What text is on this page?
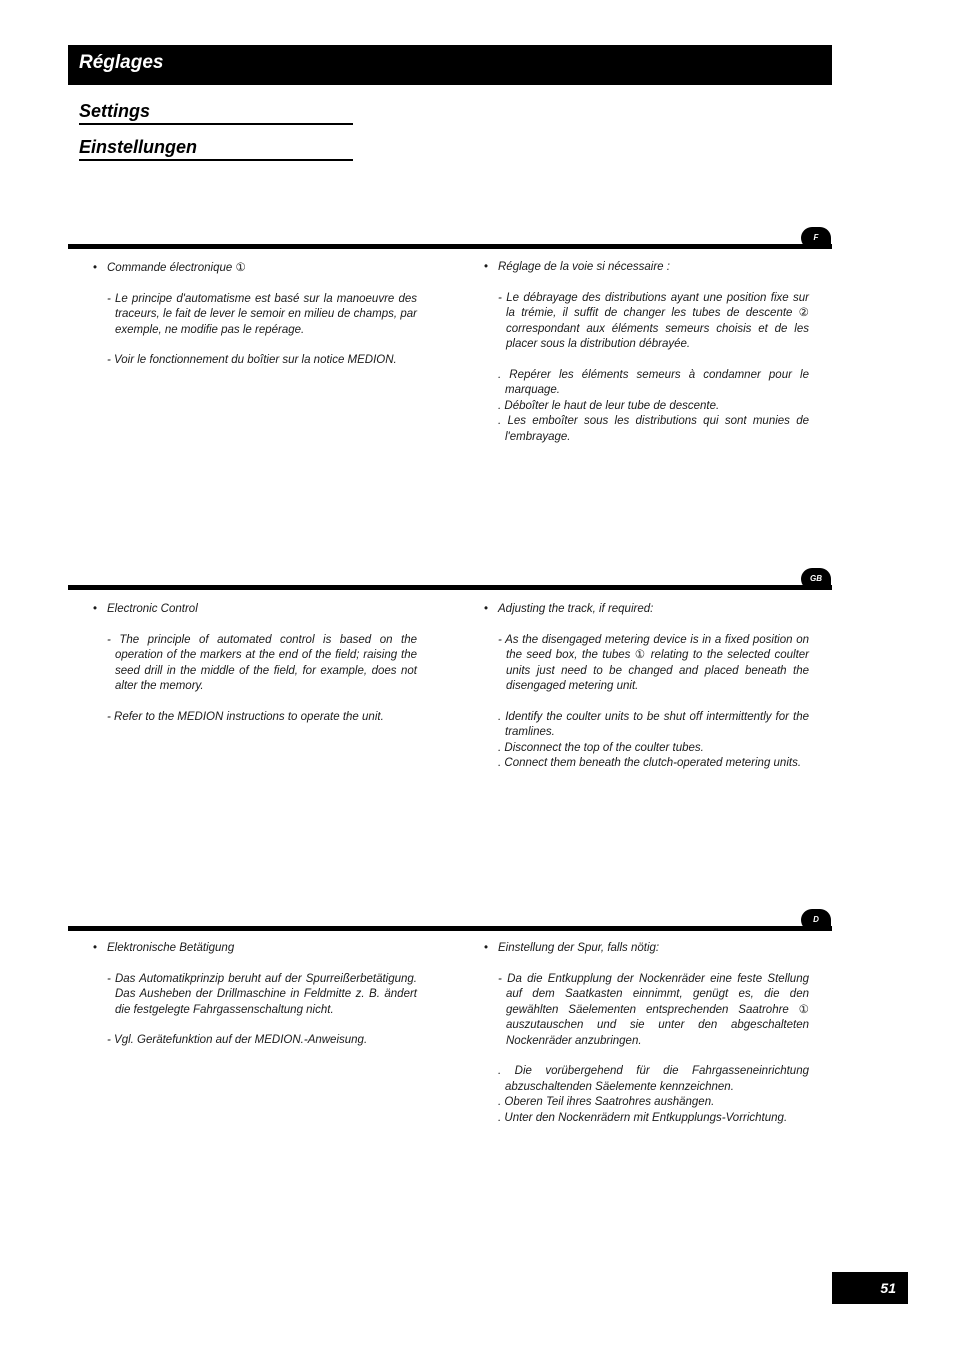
Réglages
Settings
Einstellungen
F

• Commande électronique ①

- Le principe d'automatisme est basé sur la manoeuvre des traceurs, le fait de lever le semoir en milieu de champs, par exemple, ne modifie pas le repérage.

- Voir le fonctionnement du boîtier sur la notice MEDION.

• Réglage de la voie si nécessaire :

- Le débrayage des distributions ayant une position fixe sur la trémie, il suffit de changer les tubes de descente ② correspondant aux éléments semeurs choisis et de les placer sous la distribution débrayée.

. Repérer les éléments semeurs à condamner pour le marquage.

. Déboîter le haut de leur tube de descente.

. Les emboîter sous les distributions qui sont munies de l'embrayage.

GB

• Electronic Control

- The principle of automated control is based on the operation of the markers at the end of the field; raising the seed drill in the middle of the field, for example, does not alter the memory.

- Refer to the MEDION instructions to operate the unit.

• Adjusting the track, if required:

- As the disengaged metering device is in a fixed position on the seed box, the tubes ① relating to the selected coulter units just need to be changed and placed beneath the disengaged metering unit.

. Identify the coulter units to be shut off intermittently for the tramlines.

. Disconnect the top of the coulter tubes.

. Connect them beneath the clutch-operated metering units.

D

• Elektronische Betätigung

- Das Automatikprinzip beruht auf der Spurreißerbetätigung. Das Ausheben der Drillmaschine in Feldmitte z. B. ändert die festgelegte Fahrgassenschaltung nicht.

- Vgl. Gerätefunktion auf der MEDION.-Anweisung.

• Einstellung der Spur, falls nötig:

- Da die Entkupplung der Nockenräder eine feste Stellung auf dem Saatkasten einnimmt, genügt es, die den gewählten Säelementen entsprechenden Saatrohre ① auszutauschen und sie unter den abgeschalteten Nockenräder anzubringen.

. Die vorübergehend für die Fahrgasseneinrichtung abzuschaltenden Säelemente kennzeichnen.

. Oberen Teil ihres Saatrohres aushängen.

. Unter den Nockenrädern mit Entkupplungs-Vorrichtung.

51
